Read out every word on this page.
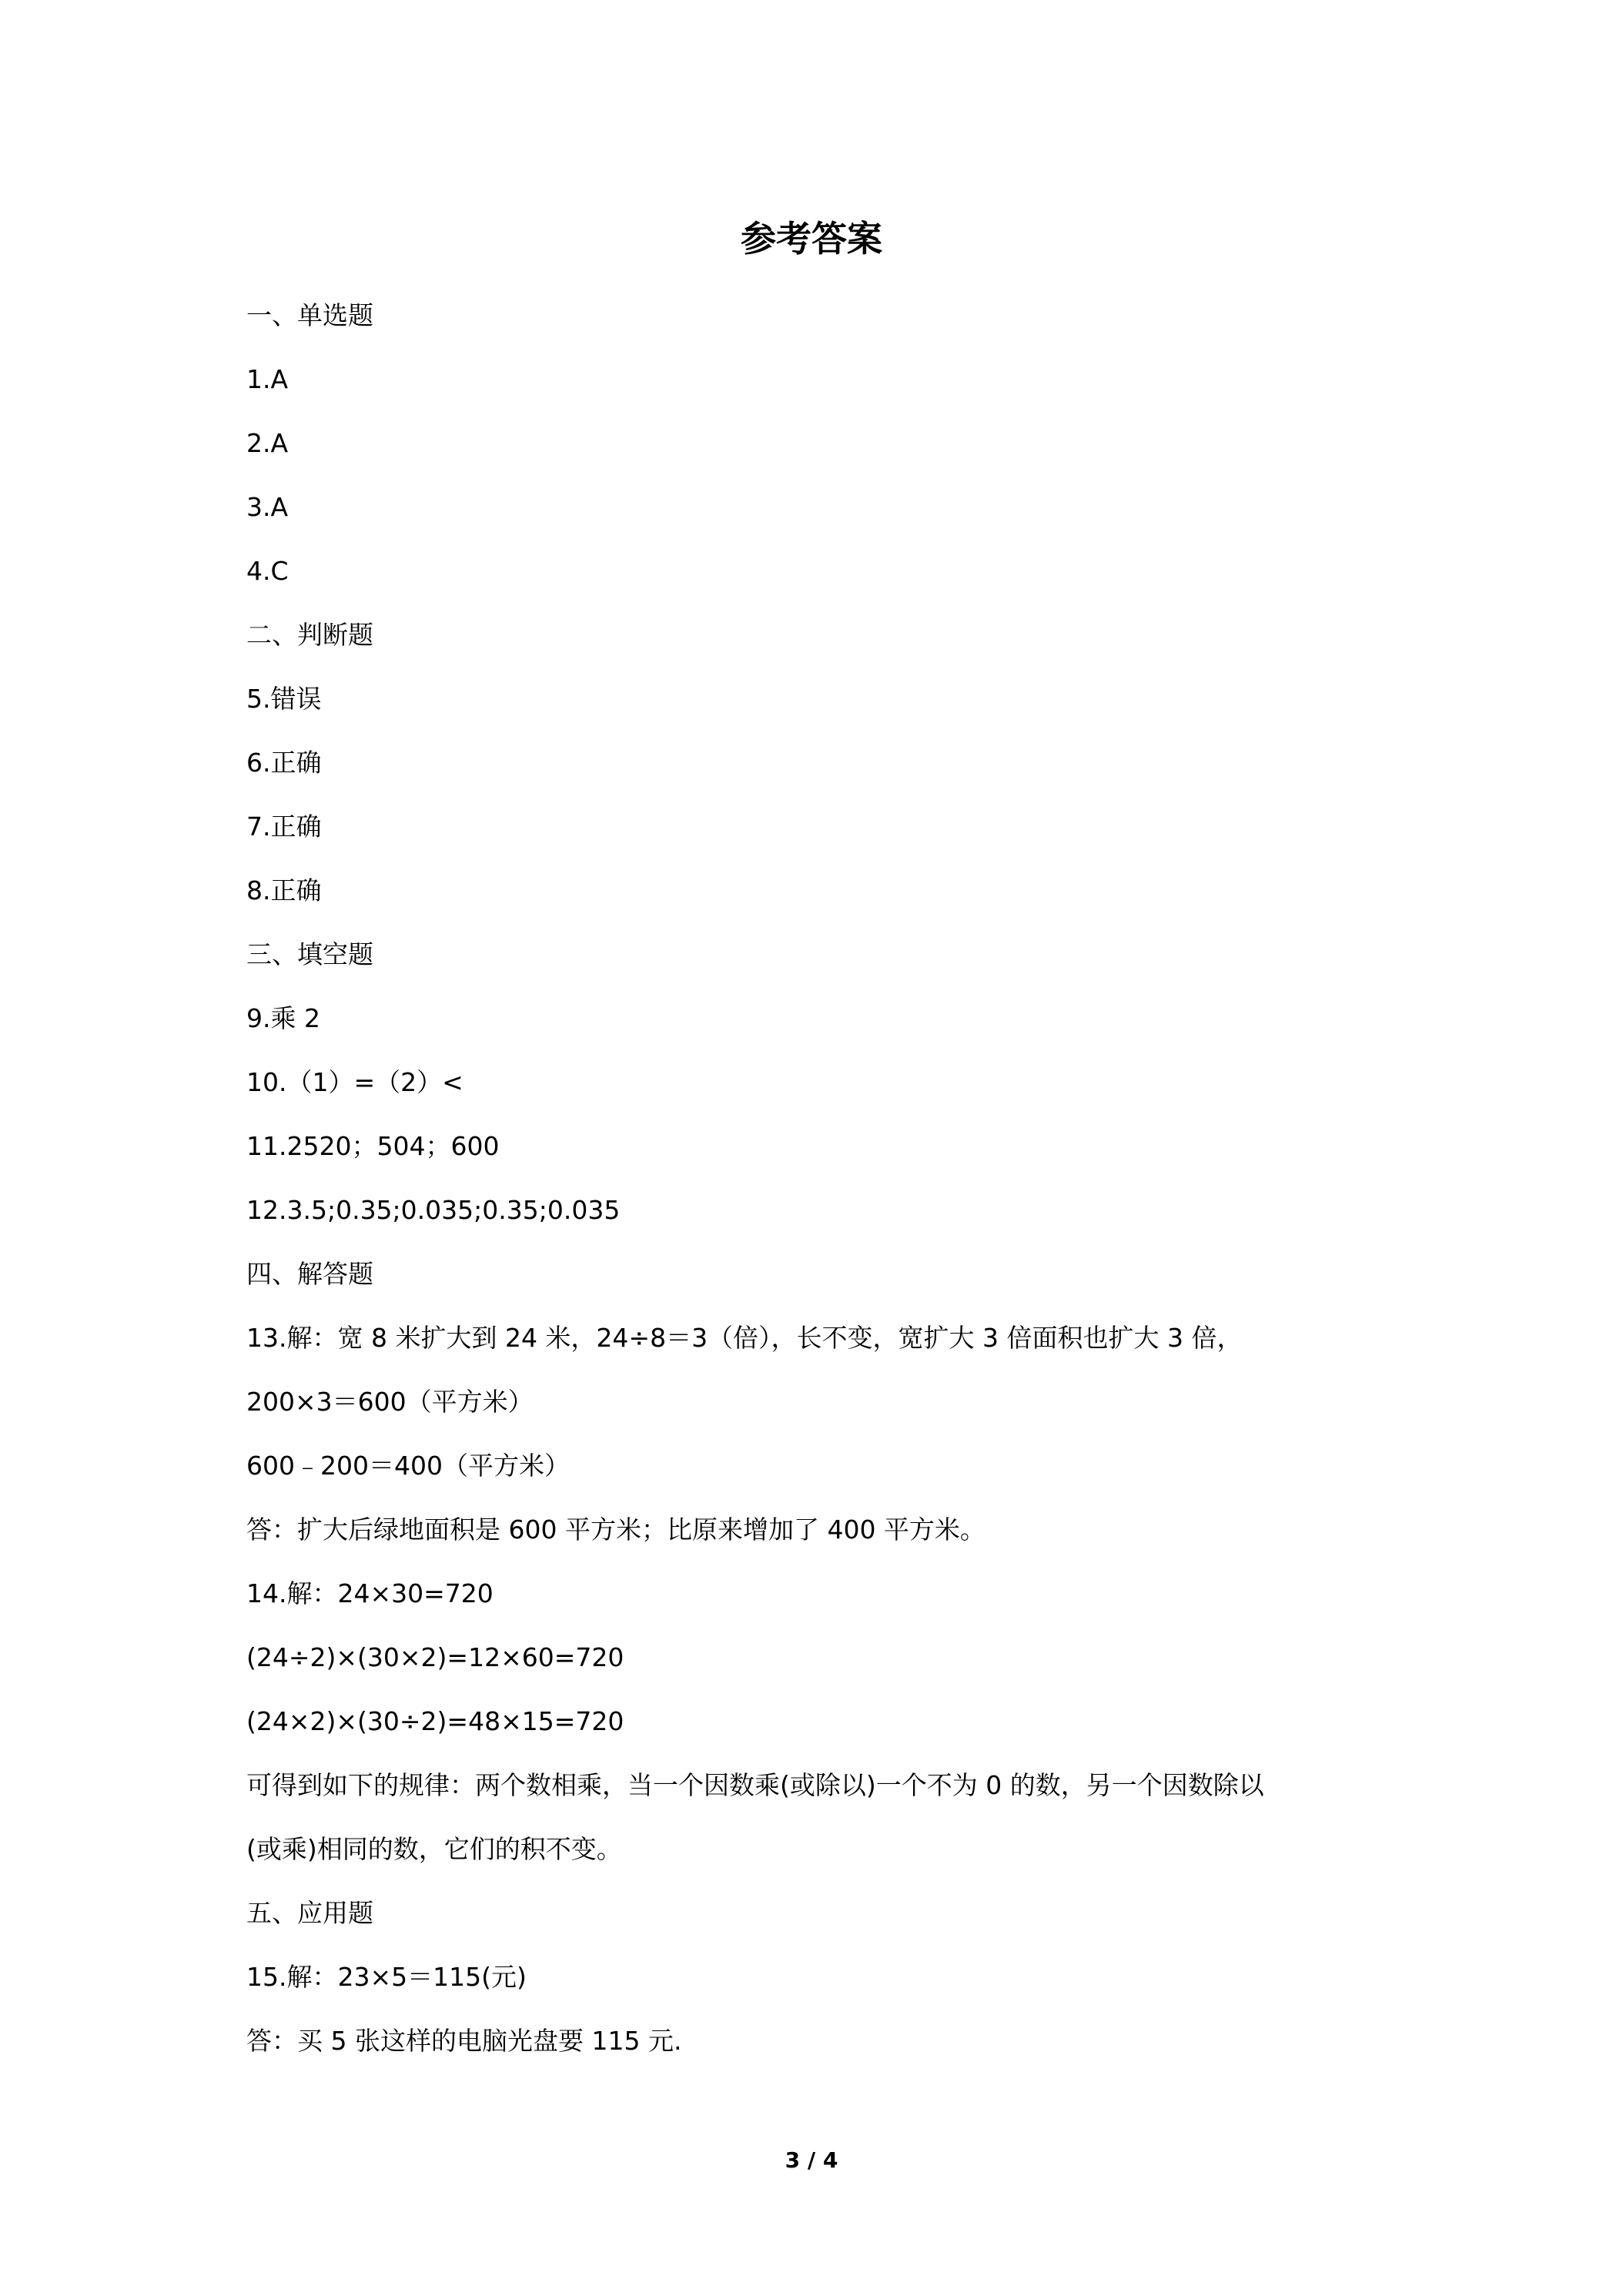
参考答案
一、单选题
1.A
2.A
3.A
4.C
二、判断题
5.错误
6.正确
7.正确
8.正确
三、填空题
9.乘 2
10.（1）=（2）<
11.2520；504；600
12.3.5;0.35;0.035;0.35;0.035
四、解答题
13.解：宽 8 米扩大到 24 米，24÷8＝3（倍），长不变，宽扩大 3 倍面积也扩大 3 倍，
200×3＝600（平方米）
600﹣200＝400（平方米）
答：扩大后绿地面积是 600 平方米；比原来增加了 400 平方米。
14.解：24×30=720
(24÷2)×(30×2)=12×60=720
(24×2)×(30÷2)=48×15=720
可得到如下的规律：两个数相乘，当一个因数乘(或除以)一个不为 0 的数，另一个因数除以
(或乘)相同的数，它们的积不变。
五、应用题
15.解：23×5＝115(元)
答：买 5 张这样的电脑光盘要 115 元.
3 / 4
